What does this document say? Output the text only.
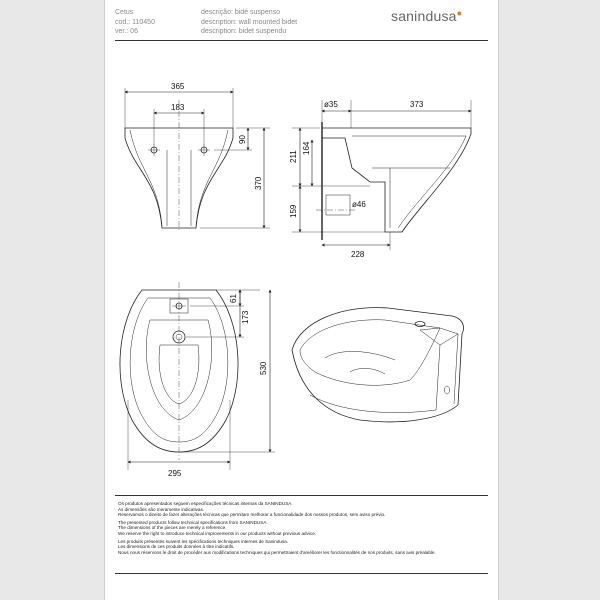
Cetus
cod.: 110450
ver.: 06
descrição: bidé suspenso
description: wall mounted bidet
description: bidet suspendu
sanindusa●
Os produtos apresentados seguem especificações técnicas internas da SANINDUSA.
As dimensões são meramente indicativas.
Reservamos o direito de fazer alterações técnicas que permitam melhorar a funcionalidade dos nossos produtos, sem aviso prévio.
The presented products follow technical specifications from SANINDUSA.
The dimensions of the pieces are merely a reference.
We reserve the right to introduce technical improvements in our products without previous advice.
Les produits présentés suivent les spécifications techniques internes de Sanindusa.
Les dimensions de ces produits données à titre indicatifs.
Nous nous réservons le droit de procéder aux modifications techniques qui permettraient d'améliorer les fonctionnalités de nos produits, sans avis préalable.
365
183
90
370
ø35	373
211
164
159
ø46
228
61
173
530
295
